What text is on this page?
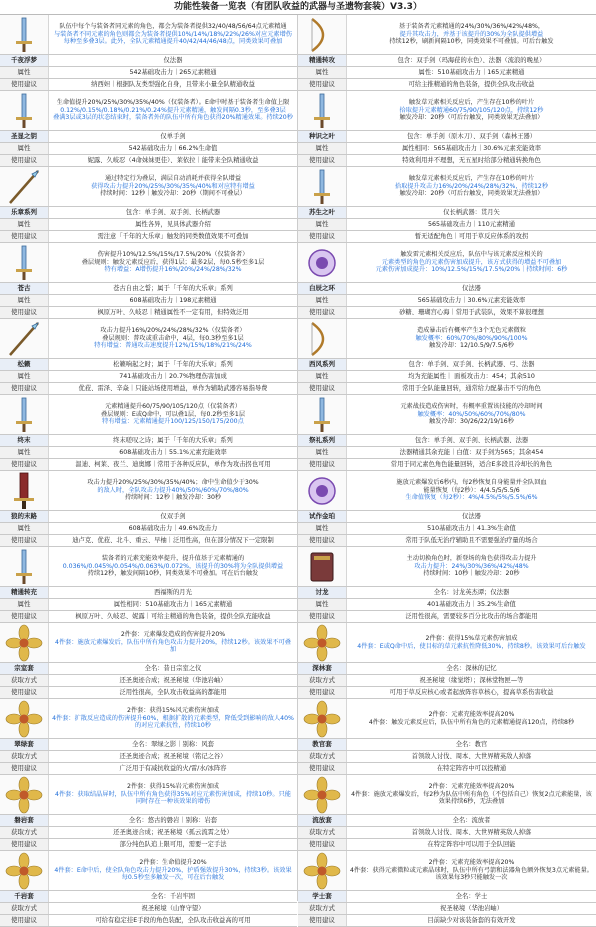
功能性装备一览表（有团队收益的武器与圣遗物套装）V3.3）
队伍中每个与装备者同元素的角色，都会为装备者提供32/40/48/56/64点元素精通
与装备者不同元素的角色则都会为装备者提供10%/14%/18%/22%/26%对应元素增伤
每种至多叠3层。此外，全队元素精通提升40/42/44/46/48点，同类效果可叠加
千夜浮梦	仅法器
属性	542基础攻击力｜265元素精通
使用建议	纳西妲｜根据队友类型强化自身，且带来小量全队精通收益
生命值提升20%/25%/30%/35%/40%（仅装备者）。E命中时基于装备者生命值上限
0.12%/0.15%/0.18%/0.21%/0.24%提升元素精通，触发间隔0.3秒，至多叠3层
叠满3层或3层的状态结束时，装备者外的队伍中所有角色获得20%精通效果。持续20秒
圣显之钥	仅单手剑
属性	542基础攻击力｜66.2%生命值
使用建议	妮露、久岐忍（4命妹妹更佳）、莱依拉｜能带来全队精通收益
通过特定行为叠层，满层自动消耗并获得全队增益
获得攻击力提升20%/25%/30%/35%/40%和对应特有增益
持续时间：12秒｜触发冷却：20秒（期间不可叠层）
乐章系列	包含：单手剑、双手剑、长柄武器
属性	属性各异，见具体武器介绍
使用建议	需注意「千年的大乐章」触发的同类数值效果不可叠加
伤害提升10%/12.5%/15%/17.5%/20%（仅装备者）
叠层规则：触发元素反应后，获得1层；最多2层，每0.5秒至多1层
特有增益：A增伤提升16%/20%/24%/28%/32%
苍古	苍古自由之誓；属于「千年的大乐章」系列
属性	608基础攻击力｜198元素精通
使用建议	枫原万叶、久岐忍｜精通属性不一定有用，但特效泛用
攻击力提升16%/20%/24%/28%/32%（仅装备者）
叠层规则：普攻或重击命中，4层，每0.3秒至多1层
特有增益：普通攻击速度提升12%/15%/18%/21%/24%
松籁	松籁响起之时；属于「千年的大乐章」系列
属性	741基础攻击力｜20.7%物理伤害加成
使用建议	优菈、雷泽、辛焱｜只能站场使用增益，单作为辅助武器容易指导费
元素精通提升60/75/90/105/120点（仅装备者）
叠层规则：E或Q命中，可以叠1层，每0.2秒至多1层
特有增益：元素精通提升100/125/150/175/200点
终末	终末嗟叹之诗；属于「千年的大乐章」系列
属性	608基础攻击力｜55.1%元素充能效率
使用建议	温迪、柯莱、夜兰、迪奥娜｜常用于各种反应队，单作为攻击拐也可用
攻击力提升20%/25%/30%/35%/40%；命中生命值少于30%
的敌人时，全队攻击力提升40%/50%/60%/70%/80%
持续时间：12秒｜触发冷却：30秒
狼的末路	仅双手剑
属性	608基础攻击力｜49.6%攻击力
使用建议	迪卢克、优菈、北斗、重云、早柚｜泛用性高，但在部分情况下一定限制
装备者的元素充能效率提升，提升值基于元素精通的
0.036%/0.045%/0.054%/0.063%/0.072%，该提升的30%将为全队提供增益
持续12秒，触发间隔10秒，同类效果不可叠加。可在后台触发
精通转充	西福斯的月光
属性	属性相同：510基础攻击力｜165元素精通
使用建议	枫原万叶、久岐忍、妮露｜可给主精通的角色装备，提供全队充能收益
2件套：元素爆发造成的伤害提升20%
4件套：施放元素爆发后，队伍中所有角色攻击力提升20%，持续12秒。该效果不可叠加
宗室套	全名：昔日宗室之仪
获取方式	还圣奥迹合成；祝圣秘境（华池岩岫）
使用建议	泛用性很高，全队攻击收益高的都能用
2件套：获得15%风元素伤害加成
4件套：扩散反应造成的伤害提升60%，根据扩散的元素类型，降低受到影响的敌人40%的对应元素抗性，持续10秒
翠绿套	全名：翠绿之影｜别称：风套
获取方式	还圣奥迹合成；祝圣秘境（铭记之谷）
使用建议	广泛用于有减抗收益的火/雷/水/冰阵容
2件套：获得15%岩元素伤害加成
4件套：获取结晶屏时，队伍中所有角色获得35%对应元素伤害加成，持续10秒。只能同时存在一种该效果的增伤
磐岩套	全名：悠古的磐岩｜别称：岩套
获取方式	还圣奥迹合成；祝圣秘境（孤云流霄之处）
使用建议	部分纯色队追上限可用，需要一定手法
2件套：生命值提升20%
4件套：E命中后，使全队角色攻击力提升20%，护盾强效提升30%，持续3秒。该效果每0.5秒至多触发一次，可在后台触发
千岩套	全名：千岩牢固
获取方式	祝圣秘境（山脊守望）
使用建议	可给有稳定挂E手段的角色装配，全队攻击收益高的可用
基于装备者元素精通的24%/30%/36%/42%/48%，
提升其攻击力，并基于该提升的30%为全队提供增益
持续12秒，刷新间隔10秒，同类效果不可叠加。可后台触发
精通转攻	包含：双手剑（玛海菈的水色）、法器（流浪的晚星）
属性	属性：510基础攻击力｜165元素精通
使用建议	可给主推精通的角色装备，提供全队攻击收益
触发草元素相关反应后，产生存在10秒的叶片
拾取提升元素精通60/75/90/105/120点，持续12秒
触发冷却：20秒（可后台触发，同类效果无法叠加）
种识之叶	包含：单手剑（原木刀）、双手剑（森林王器）
属性	属性相同：565基础攻击力｜30.6%元素充能效率
使用建议	特效利用并不理想，无五星时给部分精通转换角色
触发草元素相关反应后，产生存在10秒的叶片
拾取提升攻击力16%/20%/24%/28%/32%，持续12秒
触发冷却：20秒（可后台触发，同类效果无法叠加）
苏生之叶	仅长柄武器：贯月矢
属性	565基础攻击力｜110元素精通
使用建议	暂无适配角色｜可用于草反应体系的攻拐
触发雷元素相关反应后，队伍中与该元素反应相关的
元素类型的角色的元素伤害加成提升，该方式获得的增益不可叠加
元素伤害加成提升：10%/12.5%/15%/17.5%/20%｜持续时间：6秒
白辰之环	仅法器
属性	565基础攻击力｜30.6%元素充能效率
使用建议	砂糖、珊瑚宫心海｜常用于武装队，效果不算很理想
造成暴击后有概率产生3个无色元素微粒
触发概率：60%/70%/80%/90%/100%
触发冷却：12/10.5/9/7.5/6秒
西风系列	包含：单手剑、双手剑、长柄武器、弓、法器
属性	均为充能属性｜ 面板攻击力：454；其余510
使用建议	常用于全队能量回转，通常给力配暴击不亏的角色
元素战技造成伤害时，有概率重置该技能的冷却时间
触发概率：40%/50%/60%/70%/80%
触发冷却：30/26/22/19/16秒
祭礼系列	包含：单手剑、双手剑、长柄武器、法器
属性	法器精通其余充能｜白值：双手剑为565；其余454
使用建议	常用于同元素色角色能量回转，适合E多段且冷却长的角色
施放元素爆发后6秒内，每2秒恢复自身能量并全队回血
能量恢复（每2秒）：4/4.5/5/5.5/6
生命值恢复（每2秒）：4%/4.5%/5%/5.5%/6%
试作金珀	仅法器
属性	510基础攻击力｜41.3%生命值
使用建议	常用于队低无治疗辅助且不需要强治疗量的场合
主动切换角色时，新登场的角色获得攻击力提升
攻击力提升：24%/30%/36%/42%/48%
持续时间：10秒｜触发冷却：20秒
讨龙	全名：讨龙英杰谭；仅法器
属性	401基础攻击力｜35.2%生命值
使用建议	泛用性很高，需要较多百分比攻击的场合都能用
2件套：获得15%草元素伤害加成
4件套：E或Q命中后，使目标的草元素抗性降低30%，持续8秒。该效果可后台触发
深林套	全名：深林的记忆
获取方式	祝圣秘境（缘觉塔）；深林堂物匣—等
使用建议	可用于草反应核心或者起放阵容草核心，提高草系伤害收益
2件套：元素充能效率提高20%
4件套：触发元素反应后，队伍中所有角色的元素精通提高120点，持续8秒
教官套	全名：教官
获取方式	首领敌人讨伐、周本、大世界精英敌人掉落
使用建议	在特定阵容中可以投精通
2件套：元素充能效率提高20%
4件套：施放元素爆发后，每2秒为队伍中所有角色（不包括自己）恢复2点元素能量，该效果持续6秒，无法叠加
流放套	全名：流放者
获取方式	首领敌人讨伐、周本、大世界精英敌人掉落
使用建议	在特定阵容中可以用于全队回能
2件套：元素充能效率提高20%
4件套：获得元素微粒或元素晶球时，队伍中所有弓箭和法器角色额外恢复3点元素能量。该效果每3秒只能触发一次
学士套	全名：学士
获取方式	祝圣秘境（华池岩岫）
使用建议	目前缺少对该装备套的有效开发
